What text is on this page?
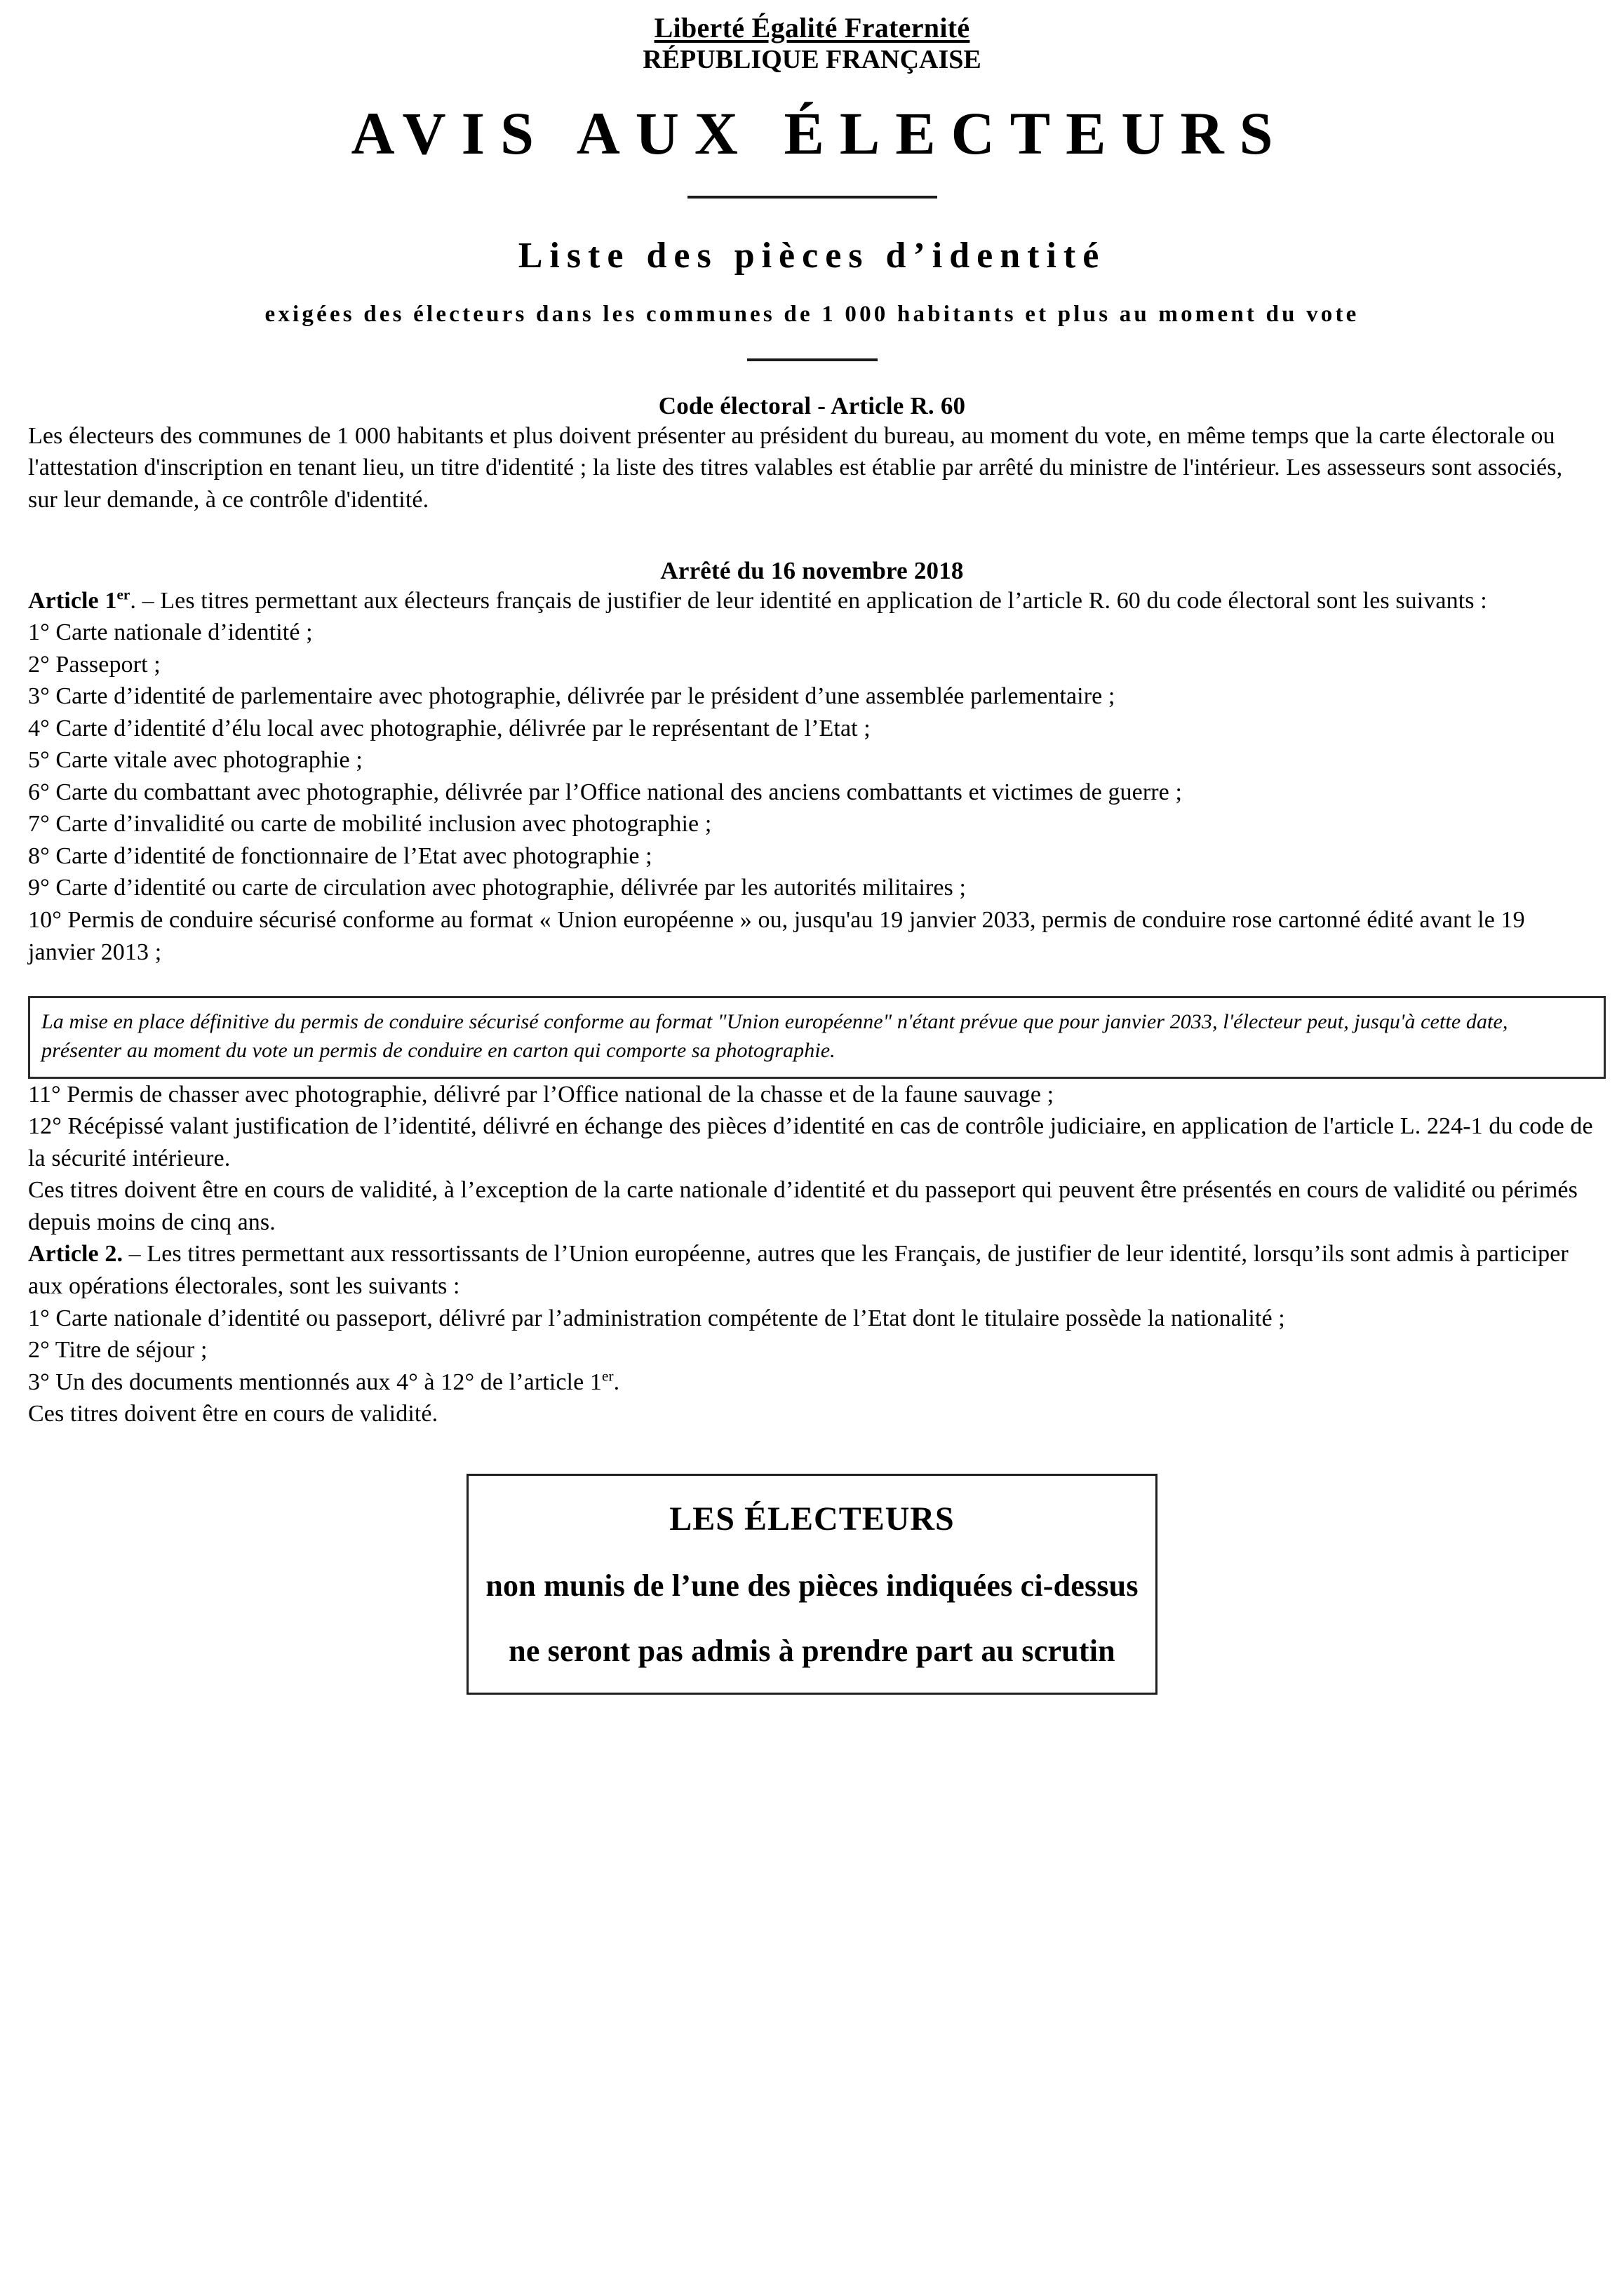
Liberté Égalité Fraternité
RÉPUBLIQUE FRANÇAISE
AVIS AUX ÉLECTEURS
Liste des pièces d’identité
exigées des électeurs dans les communes de 1 000 habitants et plus au moment du vote
Code électoral - Article R. 60

Les électeurs des communes de 1 000 habitants et plus doivent présenter au président du bureau, au moment du vote, en même temps que la carte électorale ou l'attestation d'inscription en tenant lieu, un titre d'identité ; la liste des titres valables est établie par arrêté du ministre de l'intérieur. Les assesseurs sont associés, sur leur demande, à ce contrôle d'identité.

Arrêté du 16 novembre 2018

Article 1er. – Les titres permettant aux électeurs français de justifier de leur identité en application de l’article R. 60 du code électoral sont les suivants :

1° Carte nationale d’identité ;

2° Passeport ;

3° Carte d’identité de parlementaire avec photographie, délivrée par le président d’une assemblée parlementaire ;

4° Carte d’identité d’élu local avec photographie, délivrée par le représentant de l’Etat ;

5° Carte vitale avec photographie ;

6° Carte du combattant avec photographie, délivrée par l’Office national des anciens combattants et victimes de guerre ;

7° Carte d’invalidité ou carte de mobilité inclusion avec photographie ;

8° Carte d’identité de fonctionnaire de l’Etat avec photographie ;

9° Carte d’identité ou carte de circulation avec photographie, délivrée par les autorités militaires ;

10° Permis de conduire sécurisé conforme au format « Union européenne » ou, jusqu'au 19 janvier 2033, permis de conduire rose cartonné édité avant le 19 janvier 2013 ;

La mise en place définitive du permis de conduire sécurisé conforme au format "Union européenne" n'étant prévue que pour janvier 2033, l'électeur peut, jusqu'à cette date, présenter au moment du vote un permis de conduire en carton qui comporte sa photographie.

11° Permis de chasser avec photographie, délivré par l’Office national de la chasse et de la faune sauvage ;

12° Récépissé valant justification de l’identité, délivré en échange des pièces d’identité en cas de contrôle judiciaire, en application de l'article L. 224-1 du code de la sécurité intérieure.

Ces titres doivent être en cours de validité, à l’exception de la carte nationale d’identité et du passeport qui peuvent être présentés en cours de validité ou périmés depuis moins de cinq ans.

Article 2. – Les titres permettant aux ressortissants de l’Union européenne, autres que les Français, de justifier de leur identité, lorsqu’ils sont admis à participer aux opérations électorales, sont les suivants :

1° Carte nationale d’identité ou passeport, délivré par l’administration compétente de l’Etat dont le titulaire possède la nationalité ;

2° Titre de séjour ;

3° Un des documents mentionnés aux 4° à 12° de l’article 1er.

Ces titres doivent être en cours de validité.

LES ÉLECTEURS

non munis de l’une des pièces indiquées ci-dessus

ne seront pas admis à prendre part au scrutin
